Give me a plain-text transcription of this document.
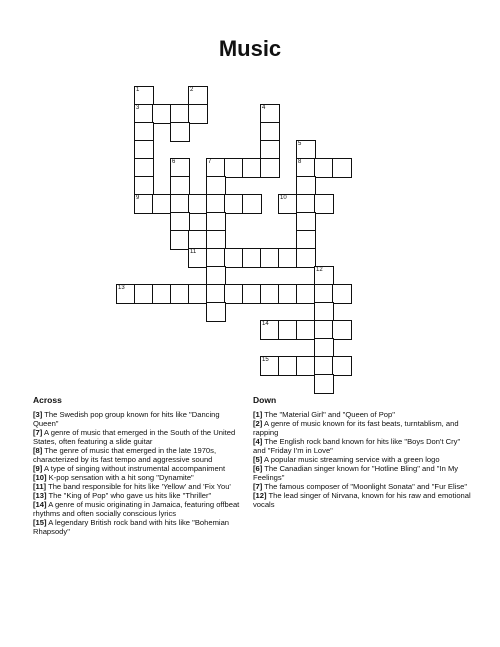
Music
1	2
3	4
5
6	7	8
9	10
11
12
13
14
15
Across

[3] The Swedish pop group known for hits like "Dancing Queen"

[7] A genre of music that emerged in the South of the United States, often featuring a slide guitar

[8] The genre of music that emerged in the late 1970s, characterized by its fast tempo and aggressive sound

[9] A type of singing without instrumental accompaniment

[10] K-pop sensation with a hit song "Dynamite"

[11] The band responsible for hits like 'Yellow' and 'Fix You'

[13] The "King of Pop" who gave us hits like "Thriller"

[14] A genre of music originating in Jamaica, featuring offbeat rhythms and often socially conscious lyrics

[15] A legendary British rock band with hits like "Bohemian Rhapsody"

Down

[1] The "Material Girl" and "Queen of Pop"

[2] A genre of music known for its fast beats, turntablism, and rapping

[4] The English rock band known for hits like "Boys Don't Cry" and "Friday I'm in Love"

[5] A popular music streaming service with a green logo

[6] The Canadian singer known for "Hotline Bling" and "In My Feelings"

[7] The famous composer of "Moonlight Sonata" and "Fur Elise"

[12] The lead singer of Nirvana, known for his raw and emotional vocals
